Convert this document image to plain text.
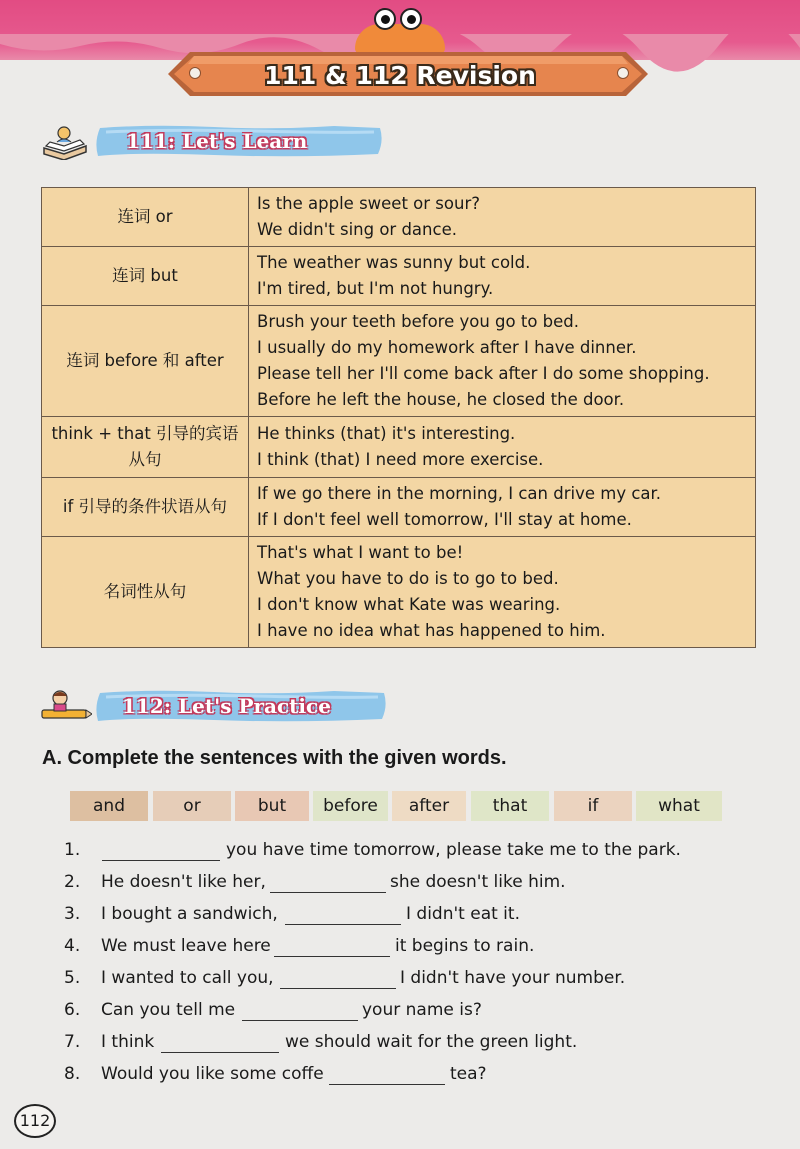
111 & 112 Revision
111: Let's Learn
连词 or	Is the apple sweet or sour?
We didn't sing or dance.

连词 but	The weather was sunny but cold.
I'm tired, but I'm not hungry.

连词 before 和 after	Brush your teeth before you go to bed.
I usually do my homework after I have dinner.
Please tell her I'll come back after I do some shopping.
Before he left the house, he closed the door.

think + that 引导的宾语从句	He thinks (that) it's interesting.
I think (that) I need more exercise.

if 引导的条件状语从句	If we go there in the morning, I can drive my car.
If I don't feel well tomorrow, I'll stay at home.

名词性从句	That's what I want to be!
What you have to do is to go to bed.
I don't know what Kate was wearing.
I have no idea what has happened to him.
112: Let's Practice
A. Complete the sentences with the given words.
and	or	but	before	after	that	if	what
1.	you have time tomorrow, please take me to the park.
2. He doesn't like her,	she doesn't like him.
3. I bought a sandwich,	I didn't eat it.
4. We must leave here	it begins to rain.
5. I wanted to call you,	I didn't have your number.
6. Can you tell me	your name is?
7. I think	we should wait for the green light.
8. Would you like some coffe	tea?
112
